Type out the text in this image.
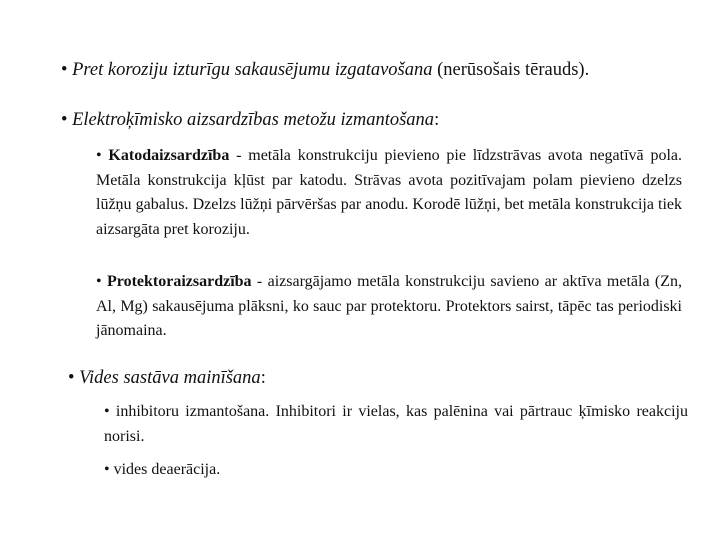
• Pret koroziju izturīgu sakausējumu izgatavošana (nerūsošais tērauds).
• Elektroķīmisko aizsardzības metožu izmantošana:
• Katodaizsardzība - metāla konstrukciju pievieno pie līdzstrāvas avota negatīvā pola. Metāla konstrukcija kļūst par katodu. Strāvas avota pozitīvajam polam pievieno dzelzs lūžņu gabalus. Dzelzs lūžņi pārvēršas par anodu. Korodē lūžņi, bet metāla konstrukcija tiek aizsargāta pret koroziju.
• Protektoraizsardzība - aizsargājamo metāla konstrukciju savieno ar aktīva metāla (Zn, Al, Mg) sakausējuma plāksni, ko sauc par protektoru. Protektors sairst, tāpēc tas periodiski jānomaina.
• Vides sastāva mainīšana:
• inhibitoru izmantošana. Inhibitori ir vielas, kas palēnina vai pārtrauc ķīmisko reakciju norisi.
• vides deaerācija.
